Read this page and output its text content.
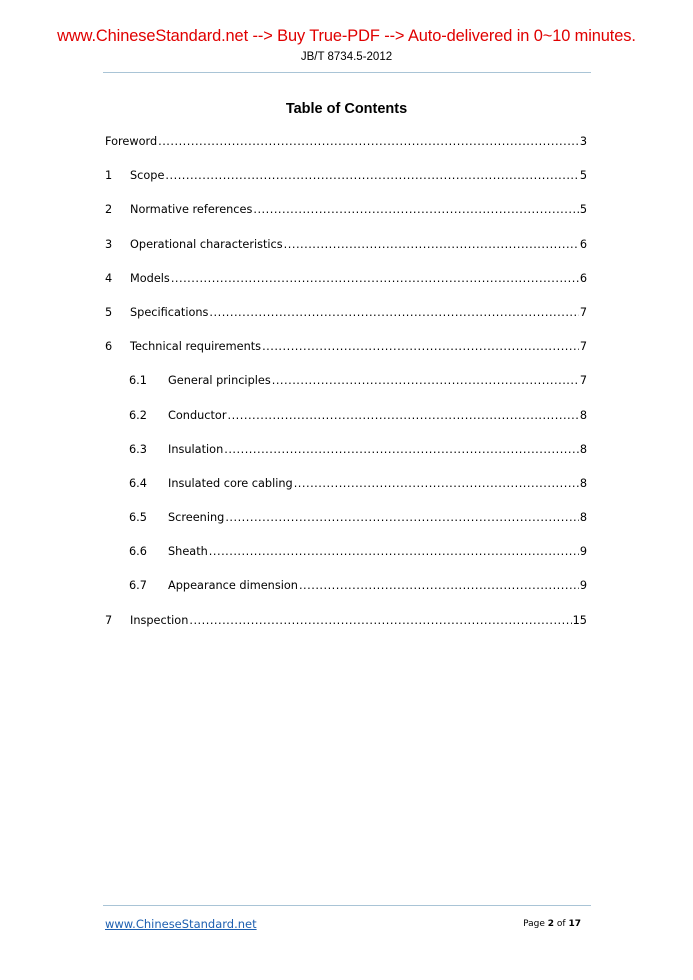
www.ChineseStandard.net --> Buy True-PDF --> Auto-delivered in 0~10 minutes.
JB/T 8734.5-2012
Table of Contents
Foreword .....	3
1	Scope .....	5
2	Normative references .....	5
3	Operational characteristics .....	6
4	Models .....	6
5	Specifications .....	7
6	Technical requirements .....	7
6.1	General principles .....	7
6.2	Conductor .....	8
6.3	Insulation .....	8
6.4	Insulated core cabling .....	8
6.5	Screening .....	8
6.6	Sheath .....	9
6.7	Appearance dimension .....	9
7	Inspection .....	15
www.ChineseStandard.net	Page 2 of 17
